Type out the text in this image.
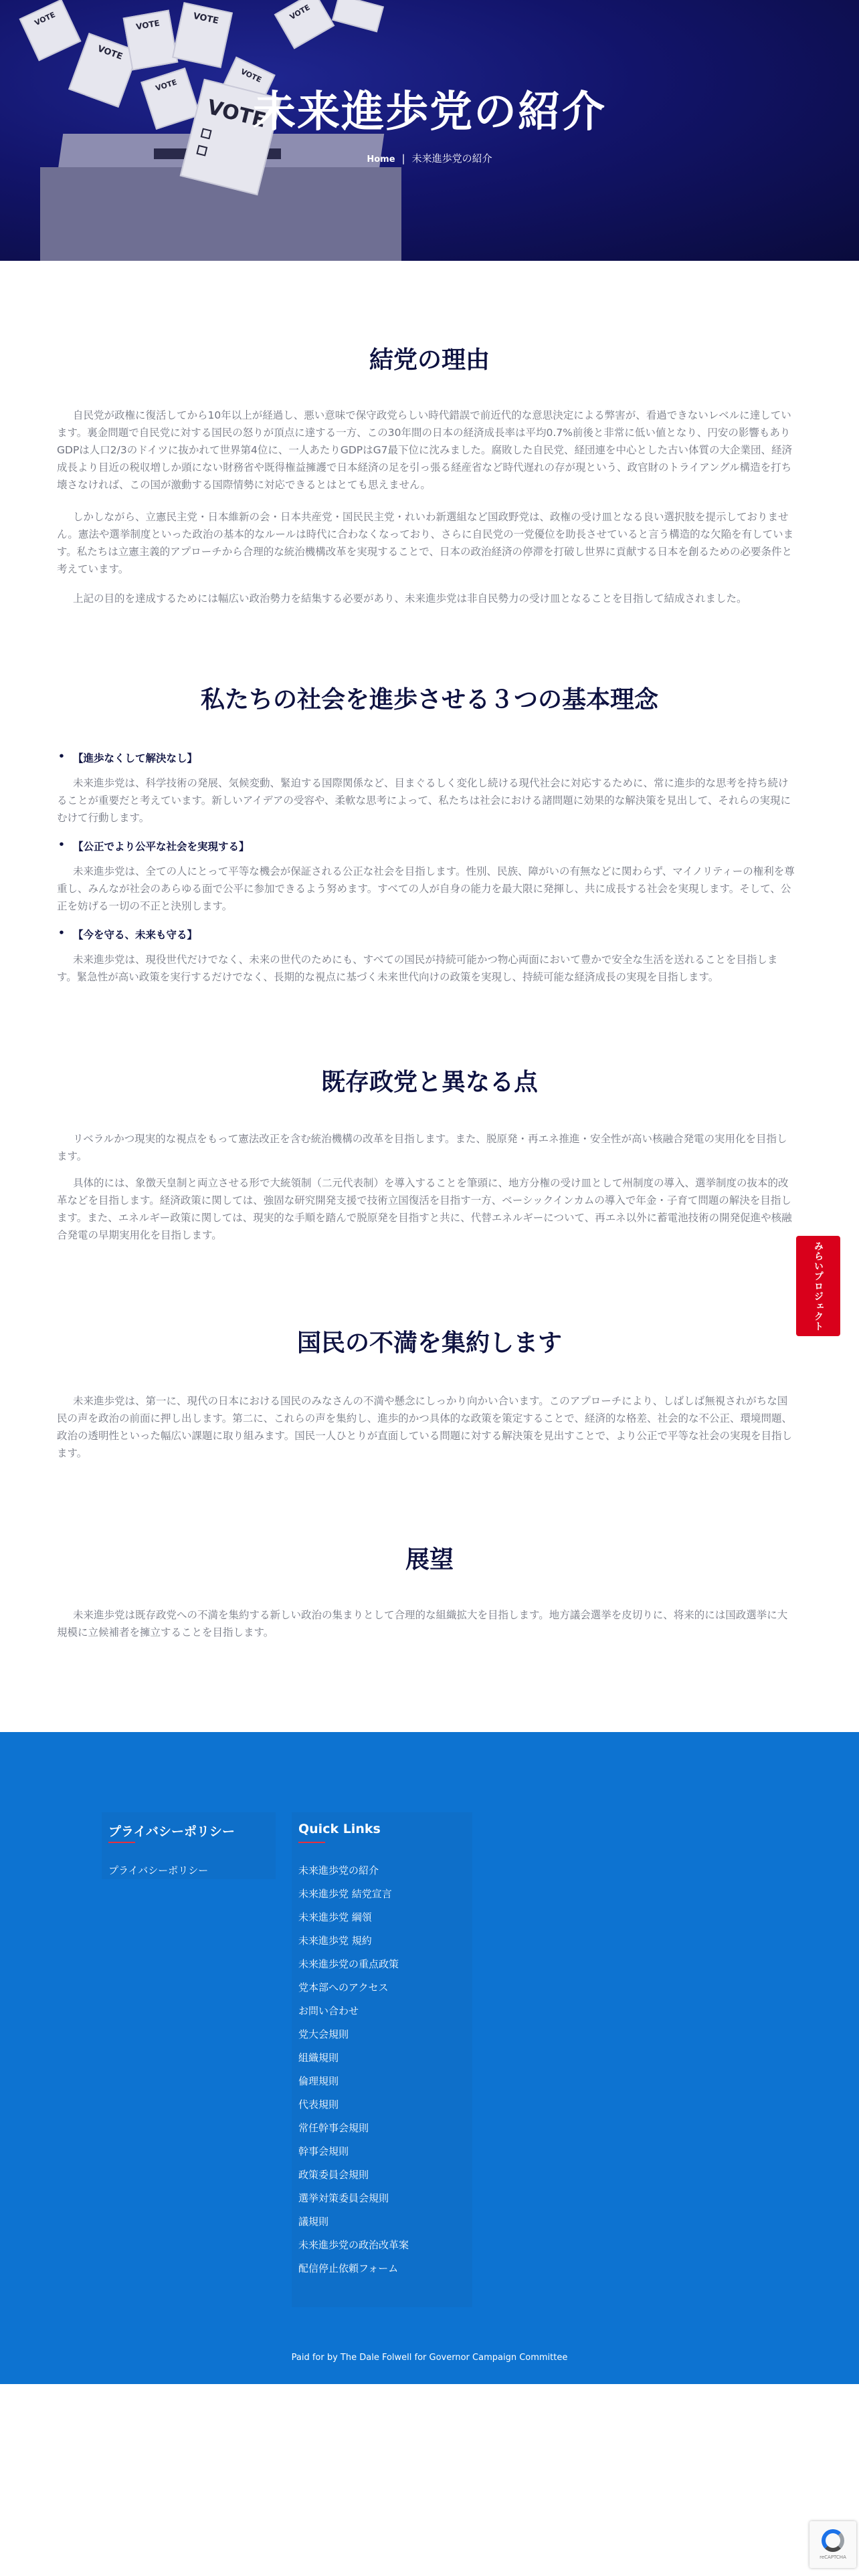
VOTE
VOTE
VOTE	VOTE
VOTE
VOTE
VOTE
VOTE
未来進歩党の紹介
Home | 未来進歩党の紹介
結党の理由

自民党が政権に復活してから10年以上が経過し、悪い意味で保守政党らしい時代錯誤で前近代的な意思決定による弊害が、看過できないレベルに達しています。裏金問題で自民党に対する国民の怒りが頂点に達する一方、この30年間の日本の経済成長率は平均0.7%前後と非常に低い値となり、円安の影響もありGDPは人口2/3のドイツに抜かれて世界第4位に、一人あたりGDPはG7最下位に沈みました。腐敗した自民党、経団連を中心とした古い体質の大企業団、経済成長より目近の税収増しか頭にない財務省や既得権益擁護で日本経済の足を引っ張る経産省など時代遅れの存が現という、政官財のトライアングル構造を打ち壊さなければ、この国が激動する国際情勢に対応できるとはとても思えません。

しかしながら、立憲民主党・日本維新の会・日本共産党・国民民主党・れいわ新選組など国政野党は、政権の受け皿となる良い選択肢を提示しておりません。憲法や選挙制度といった政治の基本的なルールは時代に合わなくなっており、さらに自民党の一党優位を助長させていると言う構造的な欠陥を有しています。私たちは立憲主義的アプローチから合理的な統治機構改革を実現することで、日本の政治経済の停滞を打破し世界に貢献する日本を創るための必要条件と考えています。

上記の目的を達成するためには幅広い政治勢力を結集する必要があり、未来進歩党は非自民勢力の受け皿となることを目指して結成されました。

私たちの社会を進歩させる３つの基本理念
• 【進歩なくして解決なし】

未来進歩党は、科学技術の発展、気候変動、緊迫する国際関係など、目まぐるしく変化し続ける現代社会に対応するために、常に進歩的な思考を持ち続けることが重要だと考えています。新しいアイデアの受容や、柔軟な思考によって、私たちは社会における諸問題に効果的な解決策を見出して、それらの実現にむけて行動します。

• 【公正でより公平な社会を実現する】

未来進歩党は、全ての人にとって平等な機会が保証される公正な社会を目指します。性別、民族、障がいの有無などに関わらず、マイノリティーの権利を尊重し、みんなが社会のあらゆる面で公平に参加できるよう努めます。すべての人が自身の能力を最大限に発揮し、共に成長する社会を実現します。そして、公正を妨げる一切の不正と決別します。

• 【今を守る、未来も守る】

未来進歩党は、現役世代だけでなく、未来の世代のためにも、すべての国民が持続可能かつ物心両面において豊かで安全な生活を送れることを目指します。緊急性が高い政策を実行するだけでなく、長期的な視点に基づく未来世代向けの政策を実現し、持続可能な経済成長の実現を目指します。

既存政党と異なる点

リベラルかつ現実的な視点をもって憲法改正を含む統治機構の改革を目指します。また、脱原発・再エネ推進・安全性が高い核融合発電の実用化を目指します。

具体的には、象徴天皇制と両立させる形で大統領制（二元代表制）を導入することを筆頭に、地方分権の受け皿として州制度の導入、選挙制度の抜本的改革などを目指します。経済政策に関しては、強固な研究開発支援で技術立国復活を目指す一方、ベーシックインカムの導入で年金・子育て問題の解決を目指します。また、エネルギー政策に関しては、現実的な手順を踏んで脱原発を目指すと共に、代替エネルギーについて、再エネ以外に蓄電池技術の開発促進や核融合発電の早期実用化を目指します。

国民の不満を集約します

未来進歩党は、第一に、現代の日本における国民のみなさんの不満や懸念にしっかり向かい合います。このアプローチにより、しばしば無視されがちな国民の声を政治の前面に押し出します。第二に、これらの声を集約し、進歩的かつ具体的な政策を策定することで、経済的な格差、社会的な不公正、環境問題、政治の透明性といった幅広い課題に取り組みます。国民一人ひとりが直面している問題に対する解決策を見出すことで、より公正で平等な社会の実現を目指します。

展望

未来進歩党は既存政党への不満を集約する新しい政治の集まりとして合理的な組織拡大を目指します。地方議会選挙を皮切りに、将来的には国政選挙に大規模に立候補者を擁立することを目指します。

みらいプロジェクト
プライバシーポリシー
プライバシーポリシー
Quick Links
未来進歩党の紹介
未来進歩党 結党宣言
未来進歩党 綱領
未来進歩党 規約
未来進歩党の重点政策
党本部へのアクセス
お問い合わせ
党大会規則
組織規則
倫理規則
代表規則
常任幹事会規則
幹事会規則
政策委員会規則
選挙対策委員会規則
議規則
未来進歩党の政治改革案
配信停止依頼フォーム
Paid for by The Dale Folwell for Governor Campaign Committee
reCAPTCHA
